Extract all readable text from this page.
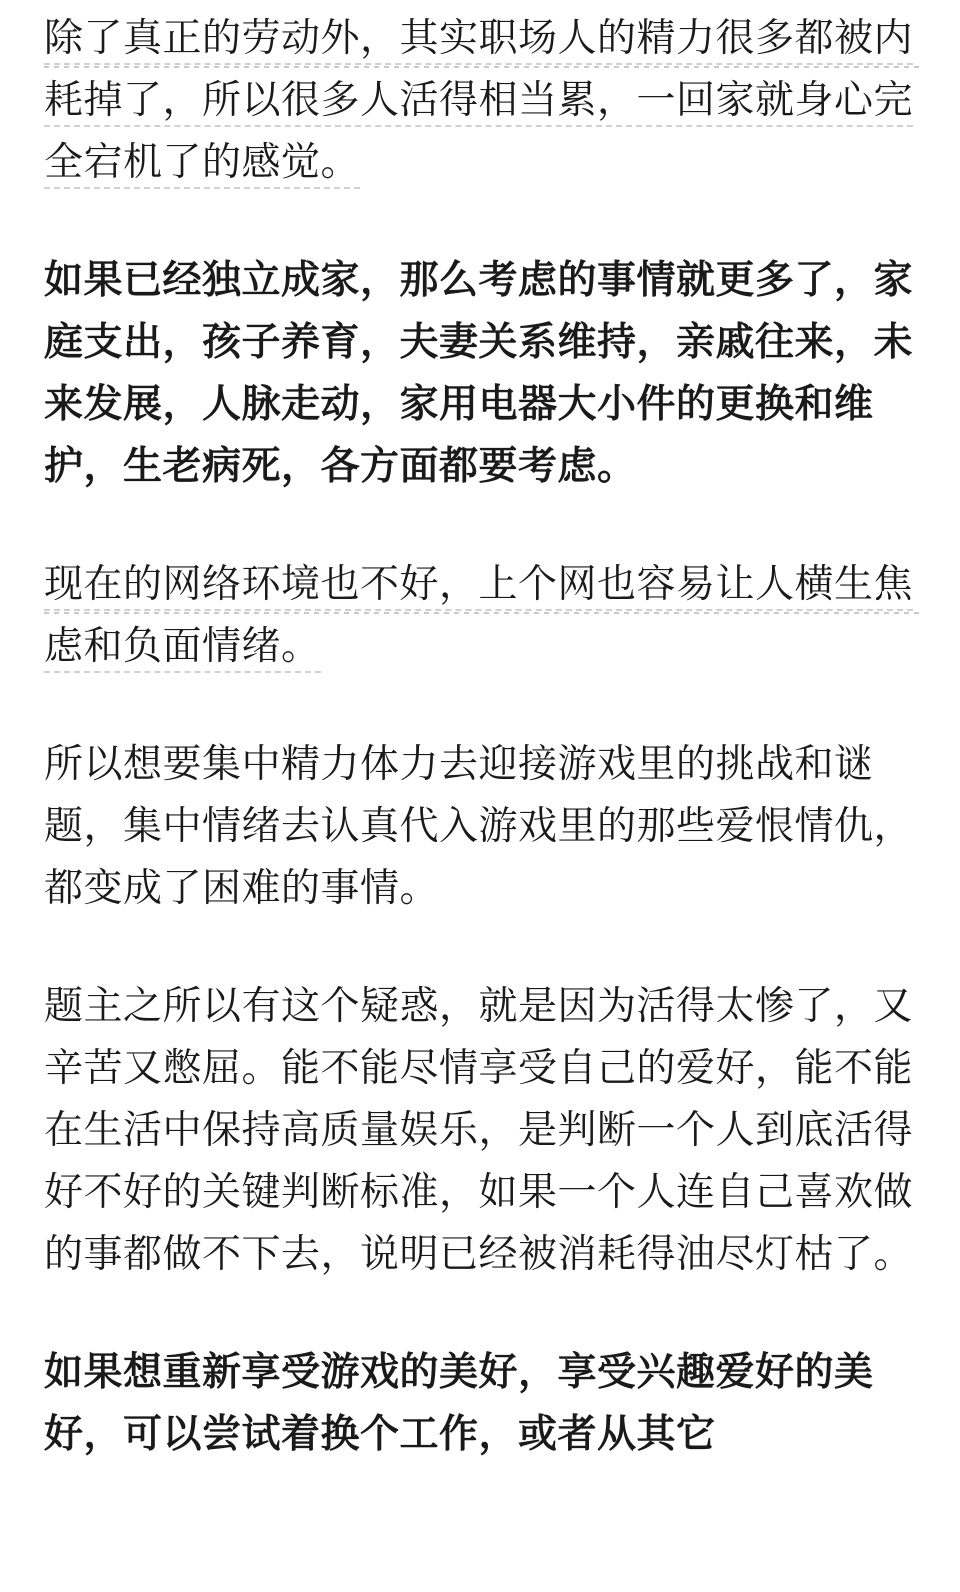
除了真正的劳动外，其实职场人的精力很多都被内耗掉了，所以很多人活得相当累，一回家就身心完全宕机了的感觉。

如果已经独立成家，那么考虑的事情就更多了，家庭支出，孩子养育，夫妻关系维持，亲戚往来，未来发展，人脉走动，家用电器大小件的更换和维护，生老病死，各方面都要考虑。

现在的网络环境也不好，上个网也容易让人横生焦虑和负面情绪。

所以想要集中精力体力去迎接游戏里的挑战和谜题，集中情绪去认真代入游戏里的那些爱恨情仇，都变成了困难的事情。

题主之所以有这个疑惑，就是因为活得太惨了，又辛苦又憋屈。能不能尽情享受自己的爱好，能不能在生活中保持高质量娱乐，是判断一个人到底活得好不好的关键判断标准，如果一个人连自己喜欢做的事都做不下去，说明已经被消耗得油尽灯枯了。

如果想重新享受游戏的美好，享受兴趣爱好的美好，可以尝试着换个工作，或者从其它
